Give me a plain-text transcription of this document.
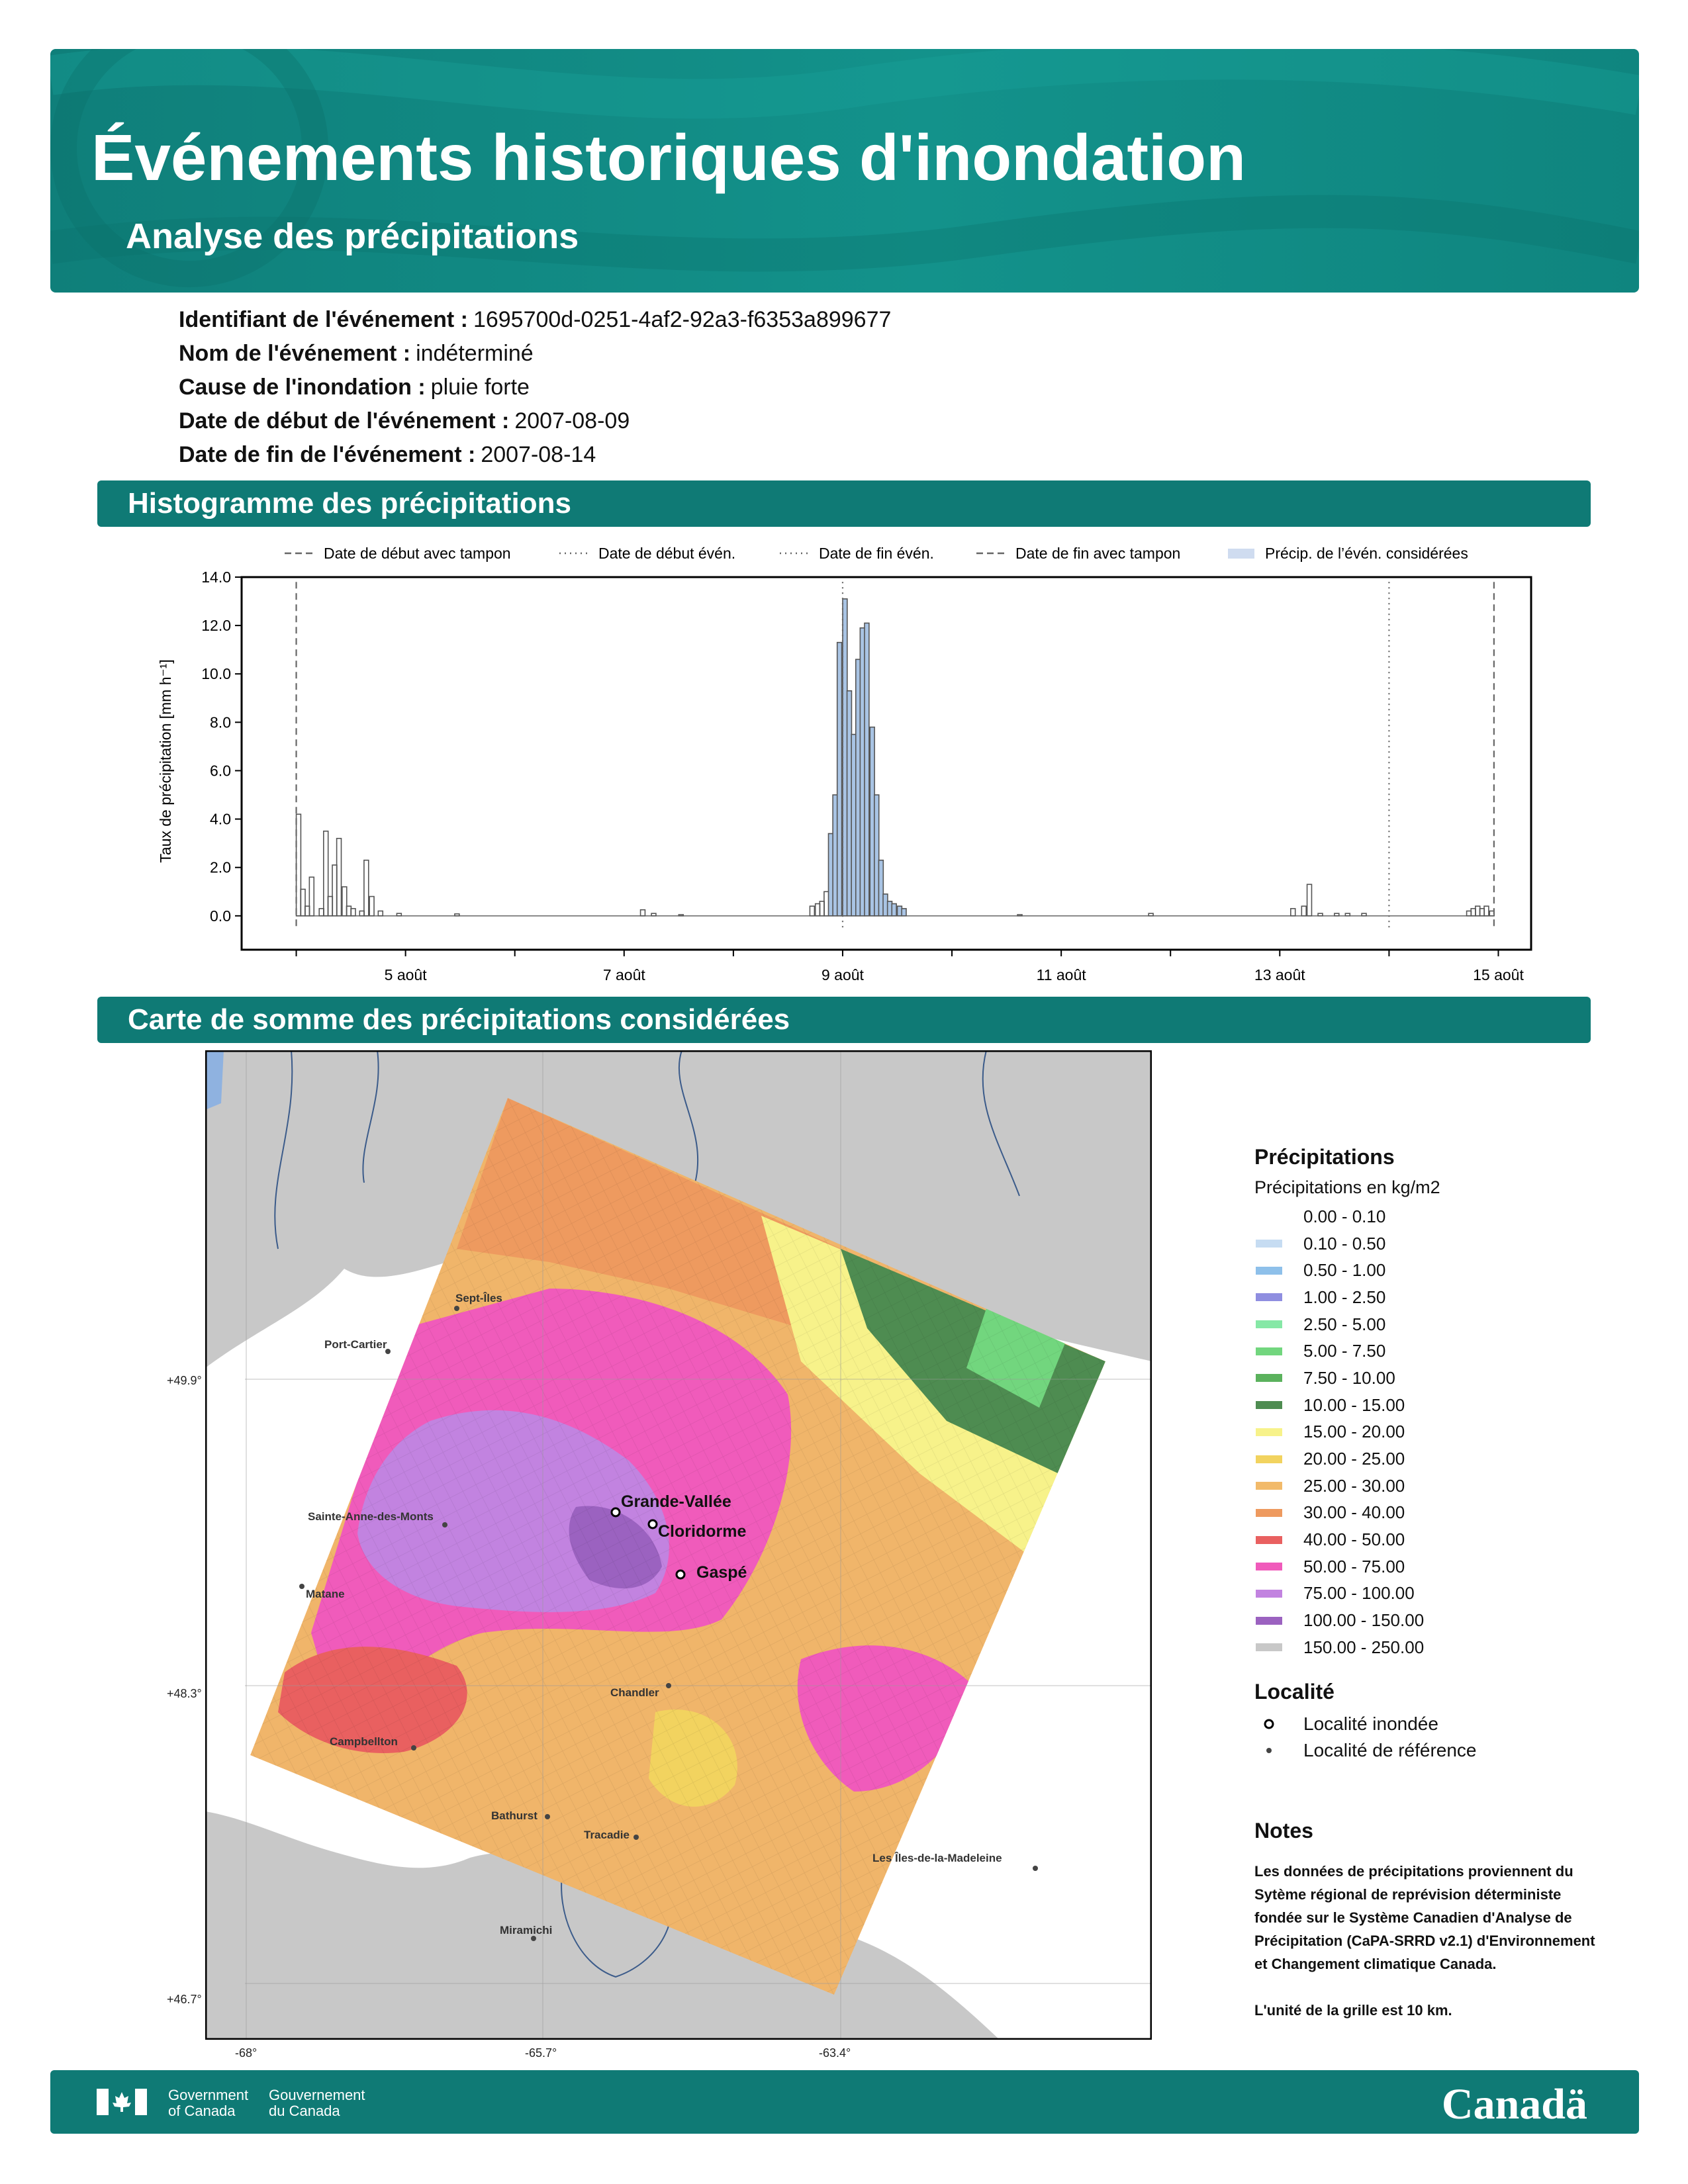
Événements historiques d'inondation
Analyse des précipitations
Identifiant de l'événement : 1695700d-0251-4af2-92a3-f6353a899677
Nom de l'événement : indéterminé
Cause de l'inondation : pluie forte
Date de début de l'événement : 2007-08-09
Date de fin de l'événement : 2007-08-14
Histogramme des précipitations
Date de début avec tampon	Date de début évén.	Date de fin évén.	Date de fin avec tampon	Précip. de l’évén. considérées
0.0
2.0
4.0
6.0
8.0
10.0
12.0
14.0
5 août	7 août	9 août	11 août	13 août	15 août
Taux de précipitation [mm h⁻¹]
Carte de somme des précipitations considérées
Grande-Vallée
Cloridorme
Gaspé
Sept-Îles
Port-Cartier
Sainte-Anne-des-Monts
Matane
Chandler
Campbellton
Bathurst
Tracadie
Les Îles-de-la-Madeleine
Miramichi
+49.9°
+48.3°
+46.7°
-68°	-65.7°	-63.4°
Précipitations
Précipitations en kg/m2
0.00 - 0.10
0.10 - 0.50
0.50 - 1.00
1.00 - 2.50
2.50 - 5.00
5.00 - 7.50
7.50 - 10.00
10.00 - 15.00
15.00 - 20.00
20.00 - 25.00
25.00 - 30.00
30.00 - 40.00
40.00 - 50.00
50.00 - 75.00
75.00 - 100.00
100.00 - 150.00
150.00 - 250.00
Localité
Localité inondée
Localité de référence
Notes
Les données de précipitations proviennent du Sytème régional de reprévision déterministe fondée sur le Système Canadien d'Analyse de Précipitation (CaPA-SRRD v2.1) d'Environnement et Changement climatique Canada.
L'unité de la grille est 10 km.
Government
of Canada
Gouvernement
du Canada	Canadä
